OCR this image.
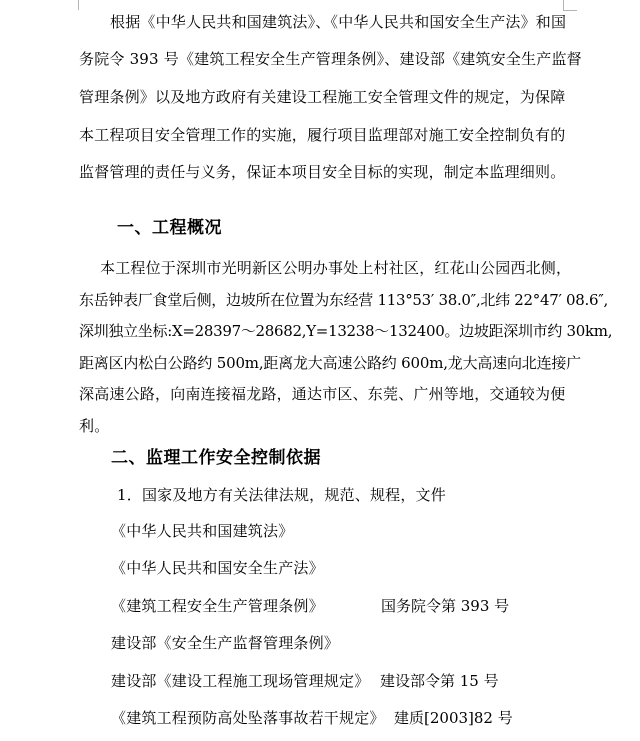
根据《中华人民共和国建筑法》、《中华人民共和国安全生产法》和国
务院令 393 号《建筑工程安全生产管理条例》、建设部《建筑安全生产监督
管理条例》以及地方政府有关建设工程施工安全管理文件的规定，为保障
本工程项目安全管理工作的实施，履行项目监理部对施工安全控制负有的
监督管理的责任与义务，保证本项目安全目标的实现，制定本监理细则。
一、工程概况
本工程位于深圳市光明新区公明办事处上村社区，红花山公园西北侧，
东岳钟表厂食堂后侧，边坡所在位置为东经营 113°53′ 38.0″,北纬 22°47′ 08.6″,
深圳独立坐标:X=28397～28682,Y=13238～132400。边坡距深圳市约 30km,
距离区内松白公路约 500m,距离龙大高速公路约 600m,龙大高速向北连接广
深高速公路，向南连接福龙路，通达市区、东莞、广州等地，交通较为便
利。
二、监理工作安全控制依据
1．国家及地方有关法律法规，规范、规程，文件
《中华人民共和国建筑法》
《中华人民共和国安全生产法》
《建筑工程安全生产管理条例》	国务院令第 393 号
建设部《安全生产监督管理条例》
建设部《建设工程施工现场管理规定》 建设部令第 15 号
《建筑工程预防高处坠落事故若干规定》 建质[2003]82 号
